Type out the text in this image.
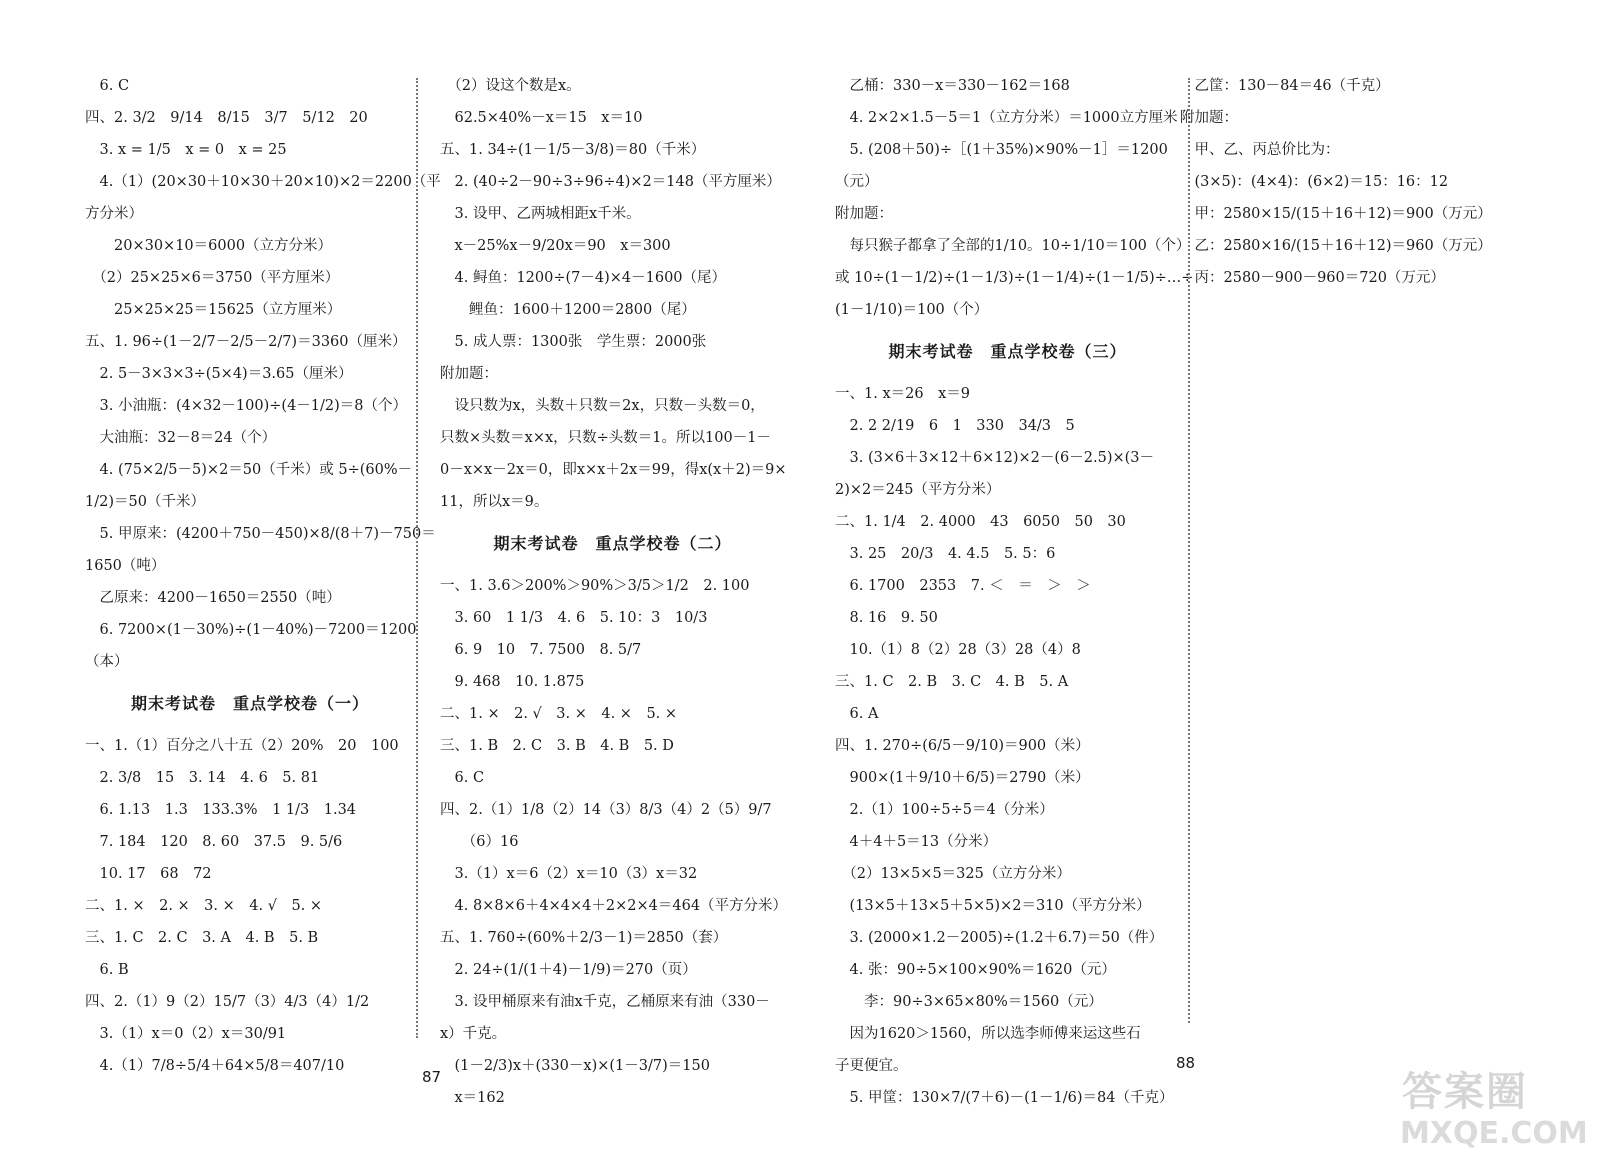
　6. C
四、2. 3/2　9/14　8/15　3/7　5/12　20
　3. x = 1/5　x = 0　x = 25
　4.（1）(20×30＋10×30＋20×10)×2＝2200（平
方分米）
　　20×30×10＝6000（立方分米）
　（2）25×25×6＝3750（平方厘米）
　　25×25×25＝15625（立方厘米）
五、1. 96÷(1－2/7－2/5－2/7)＝3360（厘米）
　2. 5－3×3×3÷(5×4)＝3.65（厘米）
　3. 小油瓶：(4×32－100)÷(4－1/2)＝8（个）
　大油瓶：32－8＝24（个）
　4. (75×2/5－5)×2＝50（千米）或 5÷(60%－
1/2)＝50（千米）
　5. 甲原来：(4200＋750－450)×8/(8＋7)－750＝
1650（吨）
　乙原来：4200－1650＝2550（吨）
　6. 7200×(1－30%)÷(1－40%)－7200＝1200
（本）
期末考试卷　重点学校卷（一）
一、1.（1）百分之八十五（2）20%　20　100
　2. 3/8　15　3. 14　4. 6　5. 81
　6. 1.13　1.3　133.3%　1 1/3　1.34
　7. 184　120　8. 60　37.5　9. 5/6
　10. 17　68　72
二、1. ×　2. ×　3. ×　4. √　5. ×
三、1. C　2. C　3. A　4. B　5. B
　6. B
四、2.（1）9（2）15/7（3）4/3（4）1/2
　3.（1）x＝0（2）x＝30/91
　4.（1）7/8÷5/4＋64×5/8＝407/10
　（2）设这个数是x。
　62.5×40%－x＝15　x＝10
五、1. 34÷(1－1/5－3/8)＝80（千米）
　2. (40÷2－90÷3÷96÷4)×2＝148（平方厘米）
　3. 设甲、乙两城相距x千米。
　x－25%x－9/20x＝90　x＝300
　4. 鲟鱼：1200÷(7－4)×4－1600（尾）
　　鲤鱼：1600＋1200＝2800（尾）
　5. 成人票：1300张　学生票：2000张
附加题：
　设只数为x，头数＋只数＝2x，只数－头数＝0，
只数×头数＝x×x，只数÷头数＝1。所以100－1－
0－x×x－2x＝0，即x×x＋2x＝99，得x(x＋2)＝9×
11，所以x＝9。
期末考试卷　重点学校卷（二）
一、1. 3.6＞200%＞90%＞3/5＞1/2　2. 100
　3. 60　1 1/3　4. 6　5. 10：3　10/3
　6. 9　10　7. 7500　8. 5/7
　9. 468　10. 1.875
二、1. ×　2. √　3. ×　4. ×　5. ×
三、1. B　2. C　3. B　4. B　5. D
　6. C
四、2.（1）1/8（2）14（3）8/3（4）2（5）9/7
　　（6）16
　3.（1）x＝6（2）x＝10（3）x＝32
　4. 8×8×6＋4×4×4＋2×2×4＝464（平方分米）
五、1. 760÷(60%＋2/3－1)＝2850（套）
　2. 24÷(1/(1＋4)－1/9)＝270（页）
　3. 设甲桶原来有油x千克，乙桶原来有油（330－
x）千克。
　(1－2/3)x＋(330－x)×(1－3/7)＝150
　x＝162
　乙桶：330－x＝330－162＝168
　4. 2×2×1.5－5＝1（立方分米）＝1000立方厘米
　5. (208＋50)÷［(1＋35%)×90%－1］＝1200
（元）
附加题：
　每只猴子都拿了全部的1/10。10÷1/10＝100（个）
或 10÷(1－1/2)÷(1－1/3)÷(1－1/4)÷(1－1/5)÷…÷
(1－1/10)＝100（个）
期末考试卷　重点学校卷（三）
一、1. x＝26　x＝9
　2. 2 2/19　6　1　330　34/3　5
　3. (3×6＋3×12＋6×12)×2－(6－2.5)×(3－
2)×2＝245（平方分米）
二、1. 1/4　2. 4000　43　6050　50　30
　3. 25　20/3　4. 4.5　5. 5：6
　6. 1700　2353　7. ＜　＝　＞　＞
　8. 16　9. 50
　10.（1）8（2）28（3）28（4）8
三、1. C　2. B　3. C　4. B　5. A
　6. A
四、1. 270÷(6/5－9/10)＝900（米）
　900×(1＋9/10＋6/5)＝2790（米）
　2.（1）100÷5÷5＝4（分米）
　4＋4＋5＝13（分米）
　（2）13×5×5＝325（立方分米）
　(13×5＋13×5＋5×5)×2＝310（平方分米）
　3. (2000×1.2－2005)÷(1.2＋6.7)＝50（件）
　4. 张：90÷5×100×90%＝1620（元）
　　李：90÷3×65×80%＝1560（元）
　因为1620＞1560，所以选李师傅来运这些石
子更便宜。
　5. 甲筐：130×7/(7＋6)－(1－1/6)＝84（千克）
　乙筐：130－84＝46（千克）
附加题：
　甲、乙、丙总价比为：
　(3×5)：(4×4)：(6×2)＝15：16：12
　甲：2580×15/(15＋16＋12)＝900（万元）
　乙：2580×16/(15＋16＋12)＝960（万元）
　丙：2580－900－960＝720（万元）
87
88
答案圈
MXQE.COM
